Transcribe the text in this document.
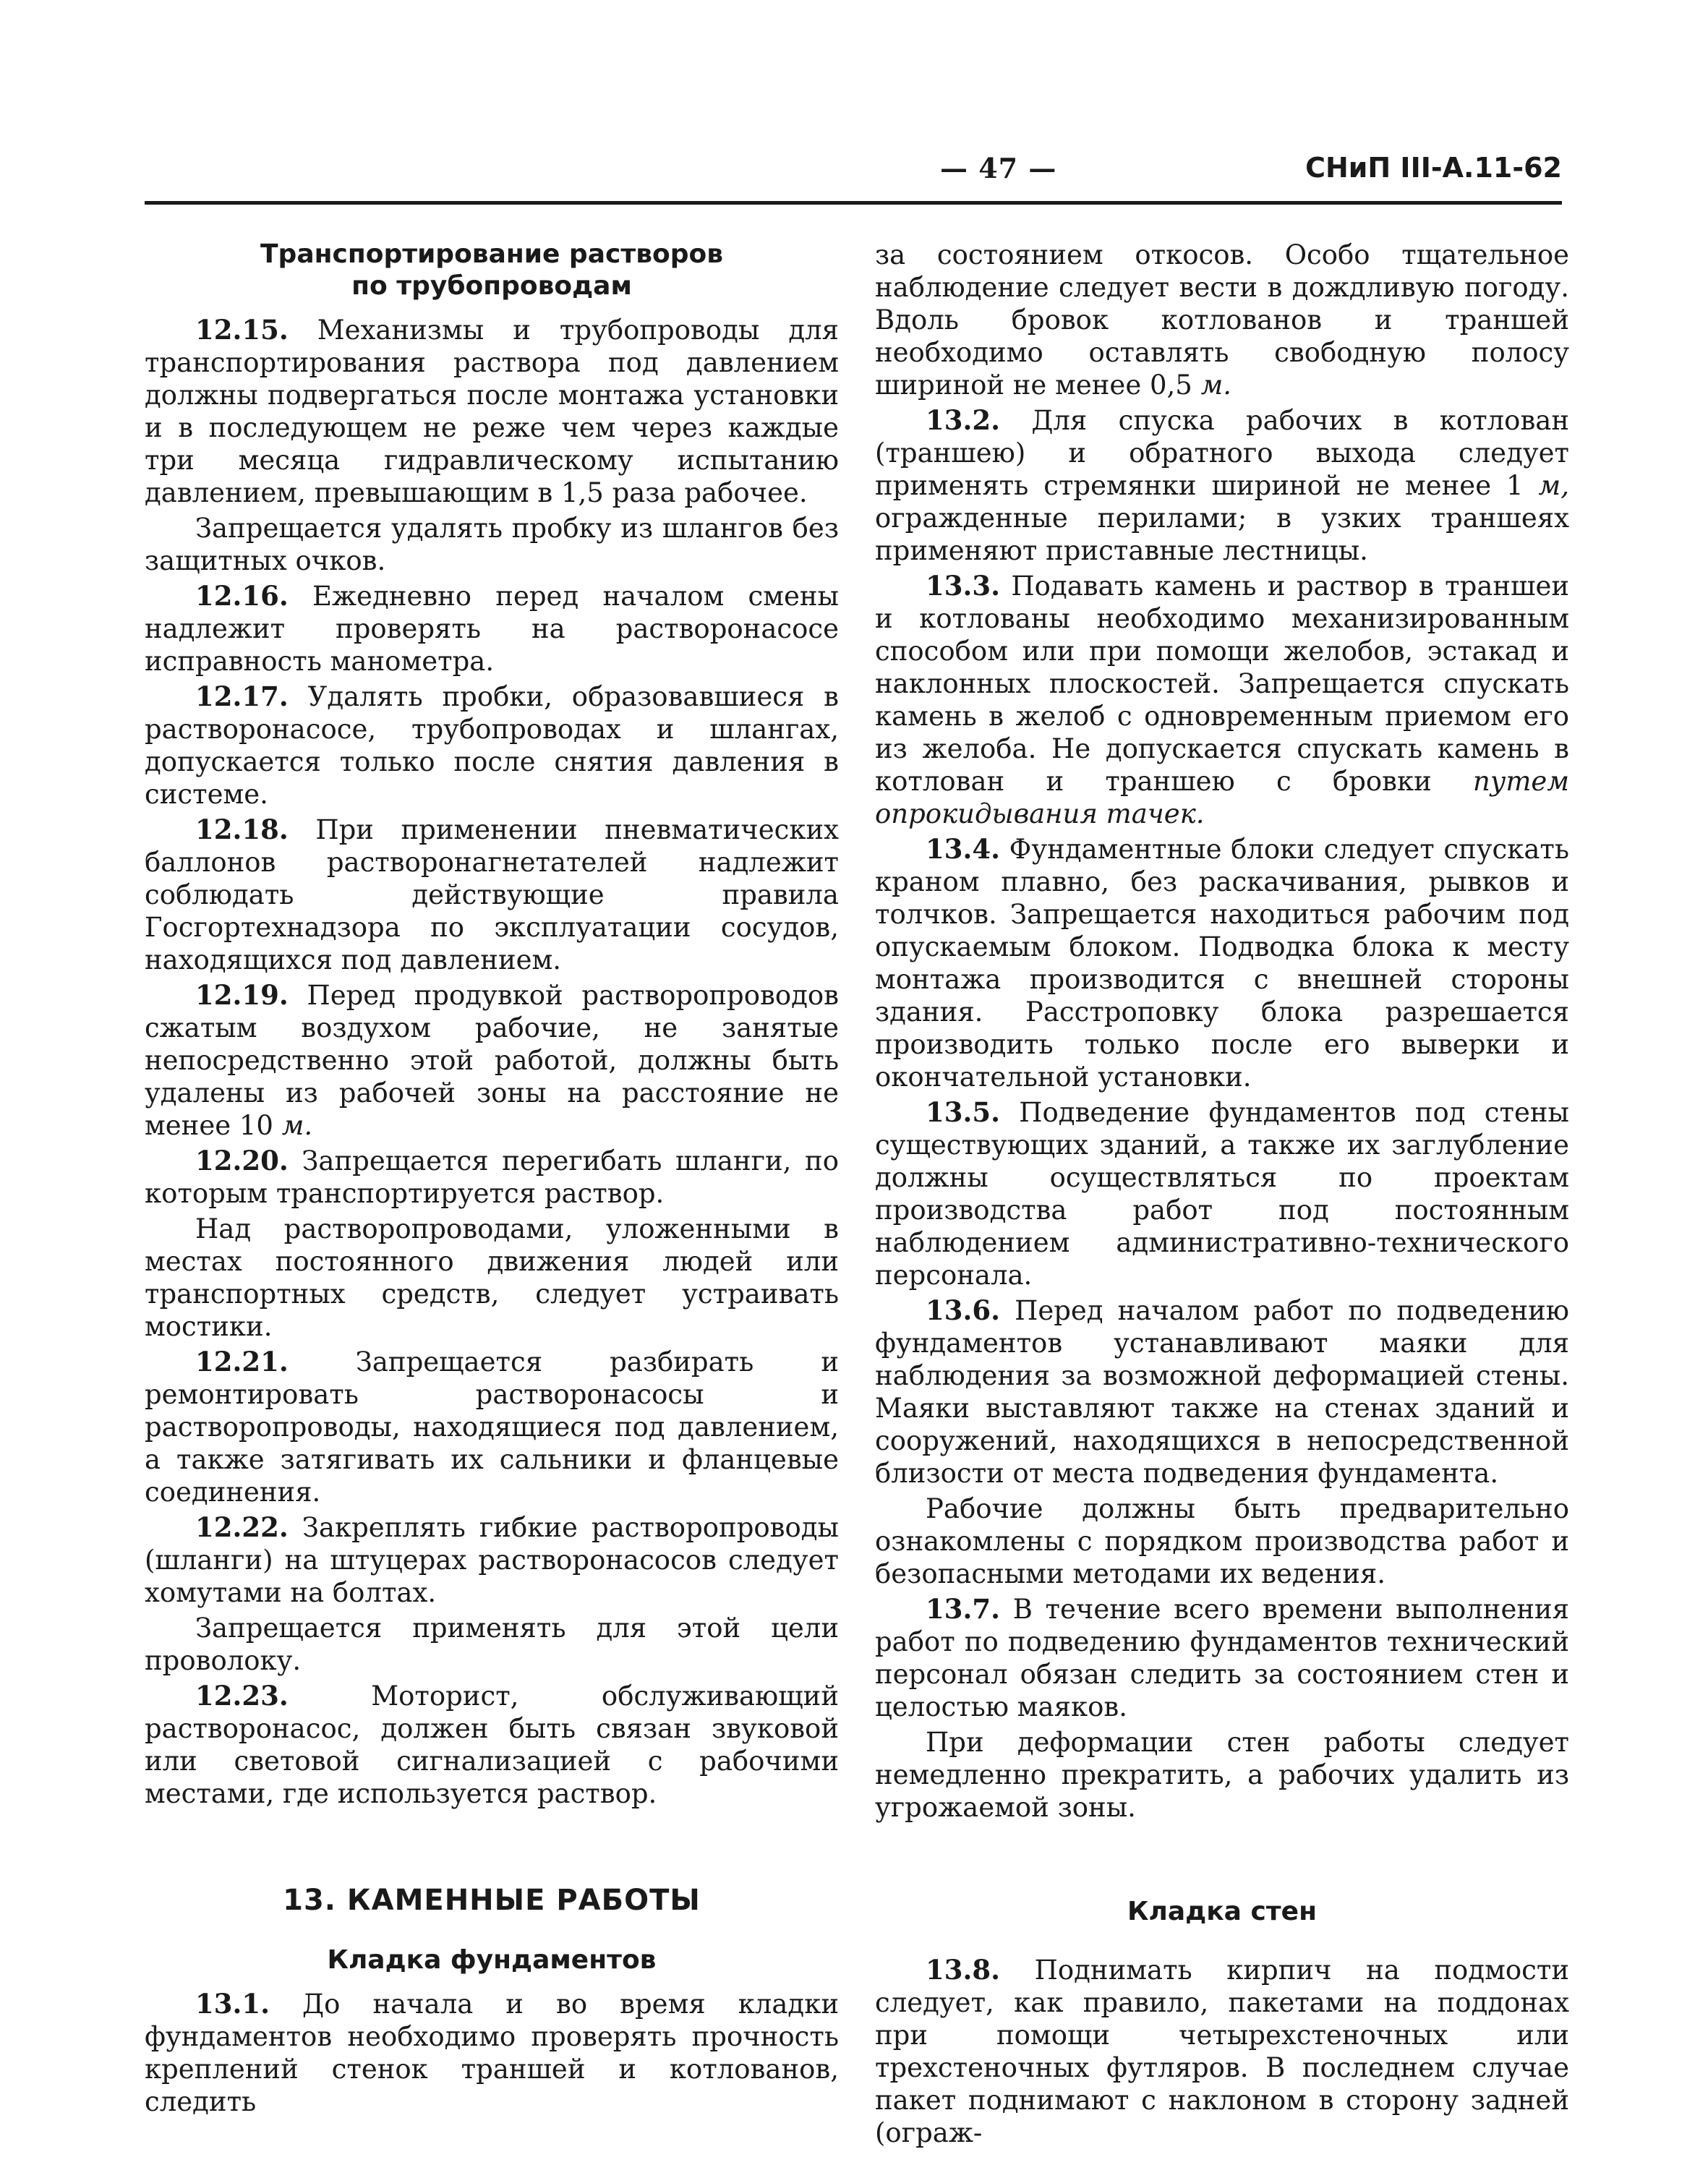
— 47 —	СНиП III-А.11-62
Транспортирование растворов
по трубопроводам

12.15. Механизмы и трубопроводы для транспортирования раствора под давлением должны подвергаться после монтажа установки и в последующем не реже чем через каждые три месяца гидравлическому испытанию давлением, превышающим в 1,5 раза рабочее.

Запрещается удалять пробку из шлангов без защитных очков.

12.16. Ежедневно перед началом смены надлежит проверять на растворонасосе исправность манометра.

12.17. Удалять пробки, образовавшиеся в растворонасосе, трубопроводах и шлангах, допускается только после снятия давления в системе.

12.18. При применении пневматических баллонов растворонагнетателей надлежит соблюдать действующие правила Госгортехнадзора по эксплуатации сосудов, находящихся под давлением.

12.19. Перед продувкой растворопроводов сжатым воздухом рабочие, не занятые непосредственно этой работой, должны быть удалены из рабочей зоны на расстояние не менее 10 м.

12.20. Запрещается перегибать шланги, по которым транспортируется раствор.

Над растворопроводами, уложенными в местах постоянного движения людей или транспортных средств, следует устраивать мостики.

12.21.	Запрещается разбирать и ремонтировать растворонасосы и растворопроводы, находящиеся под давлением, а также затягивать их сальники и фланцевые соединения.

12.22. Закреплять гибкие растворопроводы (шланги) на штуцерах растворонасосов следует хомутами на болтах.

Запрещается применять для этой цели проволоку.

12.23.	Моторист, обслуживающий растворонасос, должен быть связан звуковой или световой сигнализацией с рабочими местами, где используется раствор.

13. КАМЕННЫЕ РАБОТЫ
Кладка фундаментов

13.1. До начала и во время кладки фундаментов необходимо проверять прочность креплений стенок траншей и котлованов, следить

за состоянием откосов. Особо тщательное наблюдение следует вести в дождливую погоду. Вдоль бровок котлованов и траншей необходимо оставлять свободную полосу шириной не менее 0,5 м.

13.2. Для спуска рабочих в котлован (траншею) и обратного выхода следует применять стремянки шириной не менее 1 м, огражденные перилами; в узких траншеях применяют приставные лестницы.

13.3. Подавать камень и раствор в траншеи и котлованы необходимо механизированным способом или при помощи желобов, эстакад и наклонных плоскостей. Запрещается спускать камень в желоб с одновременным приемом его из желоба. Не допускается спускать камень в котлован и траншею с бровки путем опрокидывания тачек.

13.4. Фундаментные блоки следует спускать краном плавно, без раскачивания, рывков и толчков. Запрещается находиться рабочим под опускаемым блоком. Подводка блока к месту монтажа производится с внешней стороны здания. Расстроповку блока разрешается производить только после его выверки и окончательной установки.

13.5. Подведение фундаментов под стены существующих зданий, а также их заглубление должны осуществляться по проектам производства работ под постоянным наблюдением административно-технического персонала.

13.6. Перед началом работ по подведению фундаментов устанавливают маяки для наблюдения за возможной деформацией стены. Маяки выставляют также на стенах зданий и сооружений, находящихся в непосредственной близости от места подведения фундамента.

Рабочие должны быть предварительно ознакомлены с порядком производства работ и безопасными методами их ведения.

13.7. В течение всего времени выполнения работ по подведению фундаментов технический персонал обязан следить за состоянием стен и целостью маяков.

При деформации стен работы следует немедленно прекратить, а рабочих удалить из угрожаемой зоны.

Кладка стен

13.8. Поднимать кирпич на подмости следует, как правило, пакетами на поддонах при помощи четырехстеночных или трехстеночных футляров. В последнем случае пакет поднимают с наклоном в сторону задней (ограж-
